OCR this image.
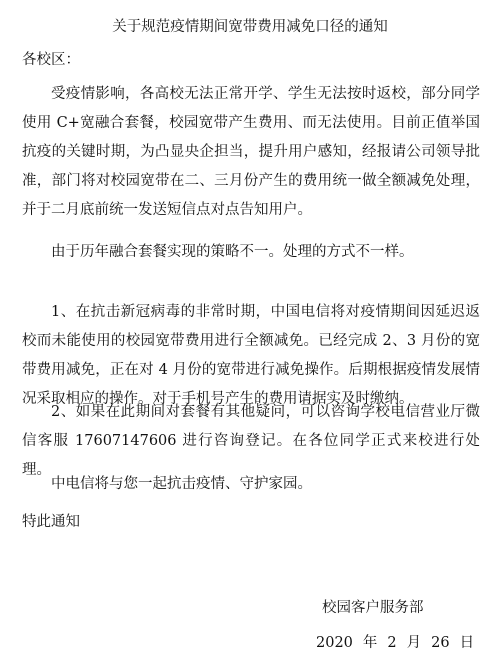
关于规范疫情期间宽带费用减免口径的通知
各校区：

受疫情影响，各高校无法正常开学、学生无法按时返校，部分同学使用 C+宽融合套餐，校园宽带产生费用、而无法使用。目前正值举国抗疫的关键时期，为凸显央企担当，提升用户感知，经报请公司领导批准，部门将对校园宽带在二、三月份产生的费用统一做全额减免处理，并于二月底前统一发送短信点对点告知用户。

由于历年融合套餐实现的策略不一。处理的方式不一样。

1、在抗击新冠病毒的非常时期，中国电信将对疫情期间因延迟返校而未能使用的校园宽带费用进行全额减免。已经完成 2、3 月份的宽带费用减免，正在对 4 月份的宽带进行减免操作。后期根据疫情发展情况采取相应的操作。对于手机号产生的费用请据实及时缴纳。

2、如果在此期间对套餐有其他疑问，可以咨询学校电信营业厅微信客服 17607147606 进行咨询登记。在各位同学正式来校进行处理。

中电信将与您一起抗击疫情、守护家园。

特此通知
校园客户服务部
2020 年 2 月 26 日
